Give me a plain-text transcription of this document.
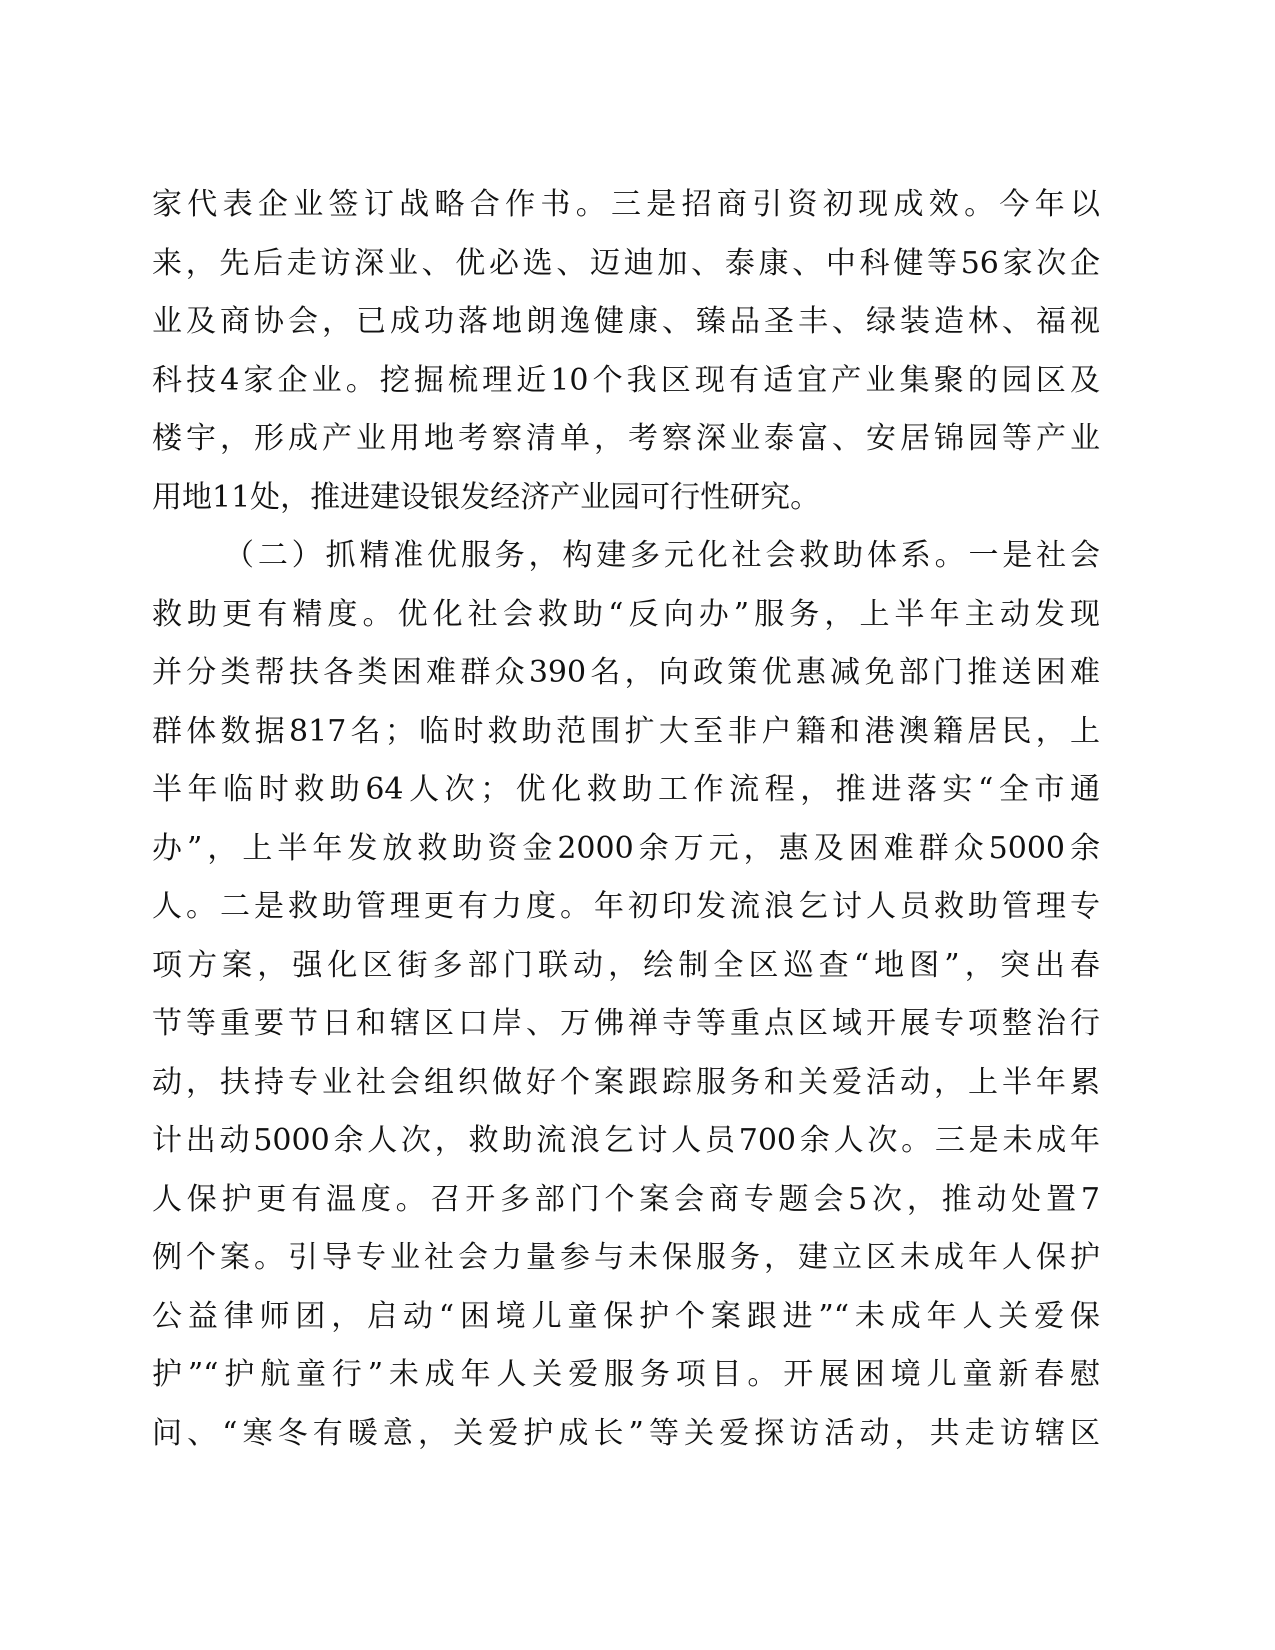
家代表企业签订战略合作书。三是招商引资初现成效。今年以
来，先后走访深业、优必选、迈迪加、泰康、中科健等56家次企
业及商协会，已成功落地朗逸健康、臻品圣丰、绿装造林、福视
科技4家企业。挖掘梳理近10个我区现有适宜产业集聚的园区及
楼宇，形成产业用地考察清单，考察深业泰富、安居锦园等产业
用地11处，推进建设银发经济产业园可行性研究。
（二）抓精准优服务，构建多元化社会救助体系。一是社会
救助更有精度。优化社会救助“反向办”服务，上半年主动发现
并分类帮扶各类困难群众390名，向政策优惠减免部门推送困难
群体数据817名；临时救助范围扩大至非户籍和港澳籍居民，上
半年临时救助64人次；优化救助工作流程，推进落实“全市通
办”，上半年发放救助资金2000余万元，惠及困难群众5000余
人。二是救助管理更有力度。年初印发流浪乞讨人员救助管理专
项方案，强化区街多部门联动，绘制全区巡查“地图”，突出春
节等重要节日和辖区口岸、万佛禅寺等重点区域开展专项整治行
动，扶持专业社会组织做好个案跟踪服务和关爱活动，上半年累
计出动5000余人次，救助流浪乞讨人员700余人次。三是未成年
人保护更有温度。召开多部门个案会商专题会5次，推动处置7
例个案。引导专业社会力量参与未保服务，建立区未成年人保护
公益律师团，启动“困境儿童保护个案跟进”“未成年人关爱保
护”“护航童行”未成年人关爱服务项目。开展困境儿童新春慰
问、“寒冬有暖意，关爱护成长”等关爱探访活动，共走访辖区
